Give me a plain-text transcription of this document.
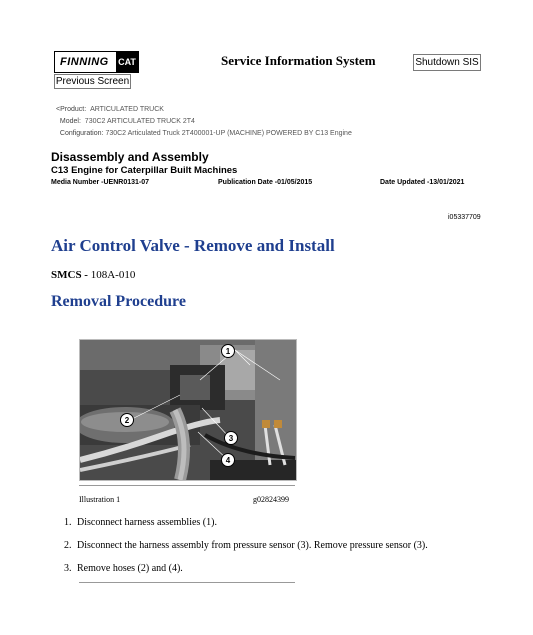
FINNING	CAT
Previous Screen
Service Information System	Shutdown SIS
<Product: ARTICULATED TRUCK
Model: 730C2 ARTICULATED TRUCK 2T4
Configuration: 730C2 Articulated Truck 2T400001-UP (MACHINE) POWERED BY C13 Engine
Disassembly and Assembly
C13 Engine for Caterpillar Built Machines
Media Number -UENR0131-07	Publication Date -01/05/2015	Date Updated -13/01/2021
i05337709
Air Control Valve - Remove and Install
SMCS - 108A-010
Removal Procedure
1
2
3
4
Illustration 1	g02824399
1. Disconnect harness assemblies (1).
2. Disconnect the harness assembly from pressure sensor (3). Remove pressure sensor (3).
3. Remove hoses (2) and (4).
